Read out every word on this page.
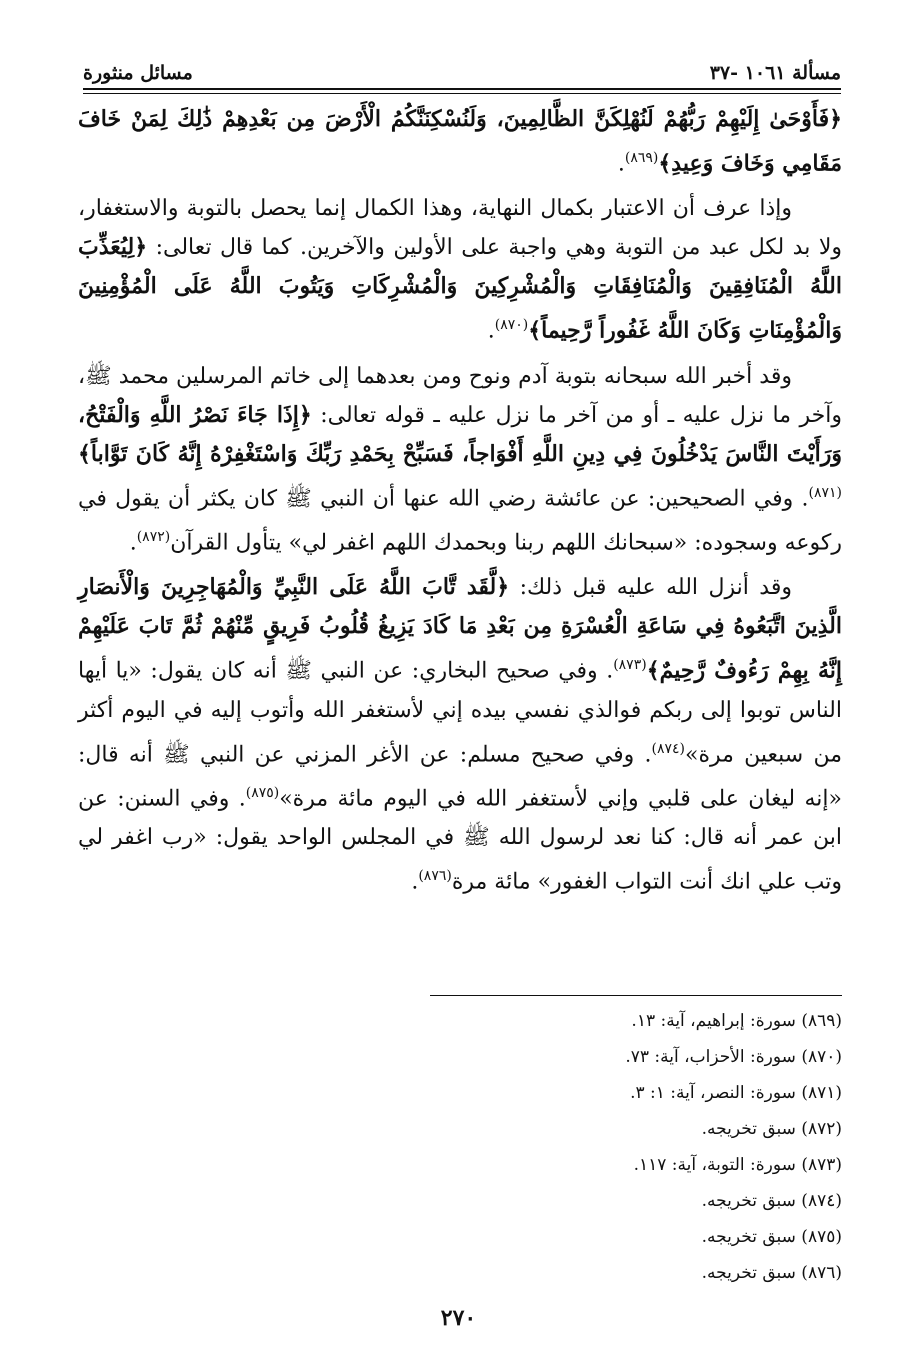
مسألة ١٠٦١ -٣٧
مسائل منثورة

﴿فَأَوْحَىٰ إِلَيْهِمْ رَبُّهُمْ لَنُهْلِكَنَّ الظَّالِمِينَ، وَلَنُسْكِنَنَّكُمُ الْأَرْضَ مِن بَعْدِهِمْ ذَٰلِكَ لِمَنْ خَافَ مَقَامِي وَخَافَ وَعِيدِ﴾$^{(٨٦٩)}$.

وإذا عرف أن الاعتبار بكمال النهاية، وهذا الكمال إنما يحصل بالتوبة والاستغفار، ولا بد لكل عبد من التوبة وهي واجبة على الأولين والآخرين. كما قال تعالى: ﴿لِيُعَذِّبَ اللَّهُ الْمُنَافِقِينَ وَالْمُنَافِقَاتِ وَالْمُشْرِكِينَ وَالْمُشْرِكَاتِ وَيَتُوبَ اللَّهُ عَلَى الْمُؤْمِنِينَ وَالْمُؤْمِنَاتِ وَكَانَ اللَّهُ غَفُوراً رَّحِيماً﴾$^{(٨٧٠)}$.

وقد أخبر الله سبحانه بتوبة آدم ونوح ومن بعدهما إلى خاتم المرسلين محمد ﷺ، وآخر ما نزل عليه ـ أو من آخر ما نزل عليه ـ قوله تعالى: ﴿إِذَا جَاءَ نَصْرُ اللَّهِ وَالْفَتْحُ، وَرَأَيْتَ النَّاسَ يَدْخُلُونَ فِي دِينِ اللَّهِ أَفْوَاجاً، فَسَبِّحْ بِحَمْدِ رَبِّكَ وَاسْتَغْفِرْهُ إِنَّهُ كَانَ تَوَّاباً﴾$^{(٨٧١)}$. وفي الصحيحين: عن عائشة رضي الله عنها أن النبي ﷺ كان يكثر أن يقول في ركوعه وسجوده: «سبحانك اللهم ربنا وبحمدك اللهم اغفر لي» يتأول القرآن$^{(٨٧٢)}$.

وقد أنزل الله عليه قبل ذلك: ﴿لَّقَد تَّابَ اللَّهُ عَلَى النَّبِيِّ وَالْمُهَاجِرِينَ وَالْأَنصَارِ الَّذِينَ اتَّبَعُوهُ فِي سَاعَةِ الْعُسْرَةِ مِن بَعْدِ مَا كَادَ يَزِيغُ قُلُوبُ فَرِيقٍ مِّنْهُمْ ثُمَّ تَابَ عَلَيْهِمْ إِنَّهُ بِهِمْ رَءُوفٌ رَّحِيمٌ﴾$^{(٨٧٣)}$. وفي صحيح البخاري: عن النبي ﷺ أنه كان يقول: «يا أيها الناس توبوا إلى ربكم فوالذي نفسي بيده إني لأستغفر الله وأتوب إليه في اليوم أكثر من سبعين مرة»$^{(٨٧٤)}$. وفي صحيح مسلم: عن الأغر المزني عن النبي ﷺ أنه قال: «إنه ليغان على قلبي وإني لأستغفر الله في اليوم مائة مرة»$^{(٨٧٥)}$. وفي السنن: عن ابن عمر أنه قال: كنا نعد لرسول الله ﷺ في المجلس الواحد يقول: «رب اغفر لي وتب علي انك أنت التواب الغفور» مائة مرة$^{(٨٧٦)}$.

(٨٦٩) سورة: إبراهيم، آية: ١٣.
(٨٧٠) سورة: الأحزاب، آية: ٧٣.
(٨٧١) سورة: النصر، آية: ١: ٣.
(٨٧٢) سبق تخريجه.
(٨٧٣) سورة: التوبة، آية: ١١٧.
(٨٧٤) سبق تخريجه.
(٨٧٥) سبق تخريجه.
(٨٧٦) سبق تخريجه.
٢٧٠
